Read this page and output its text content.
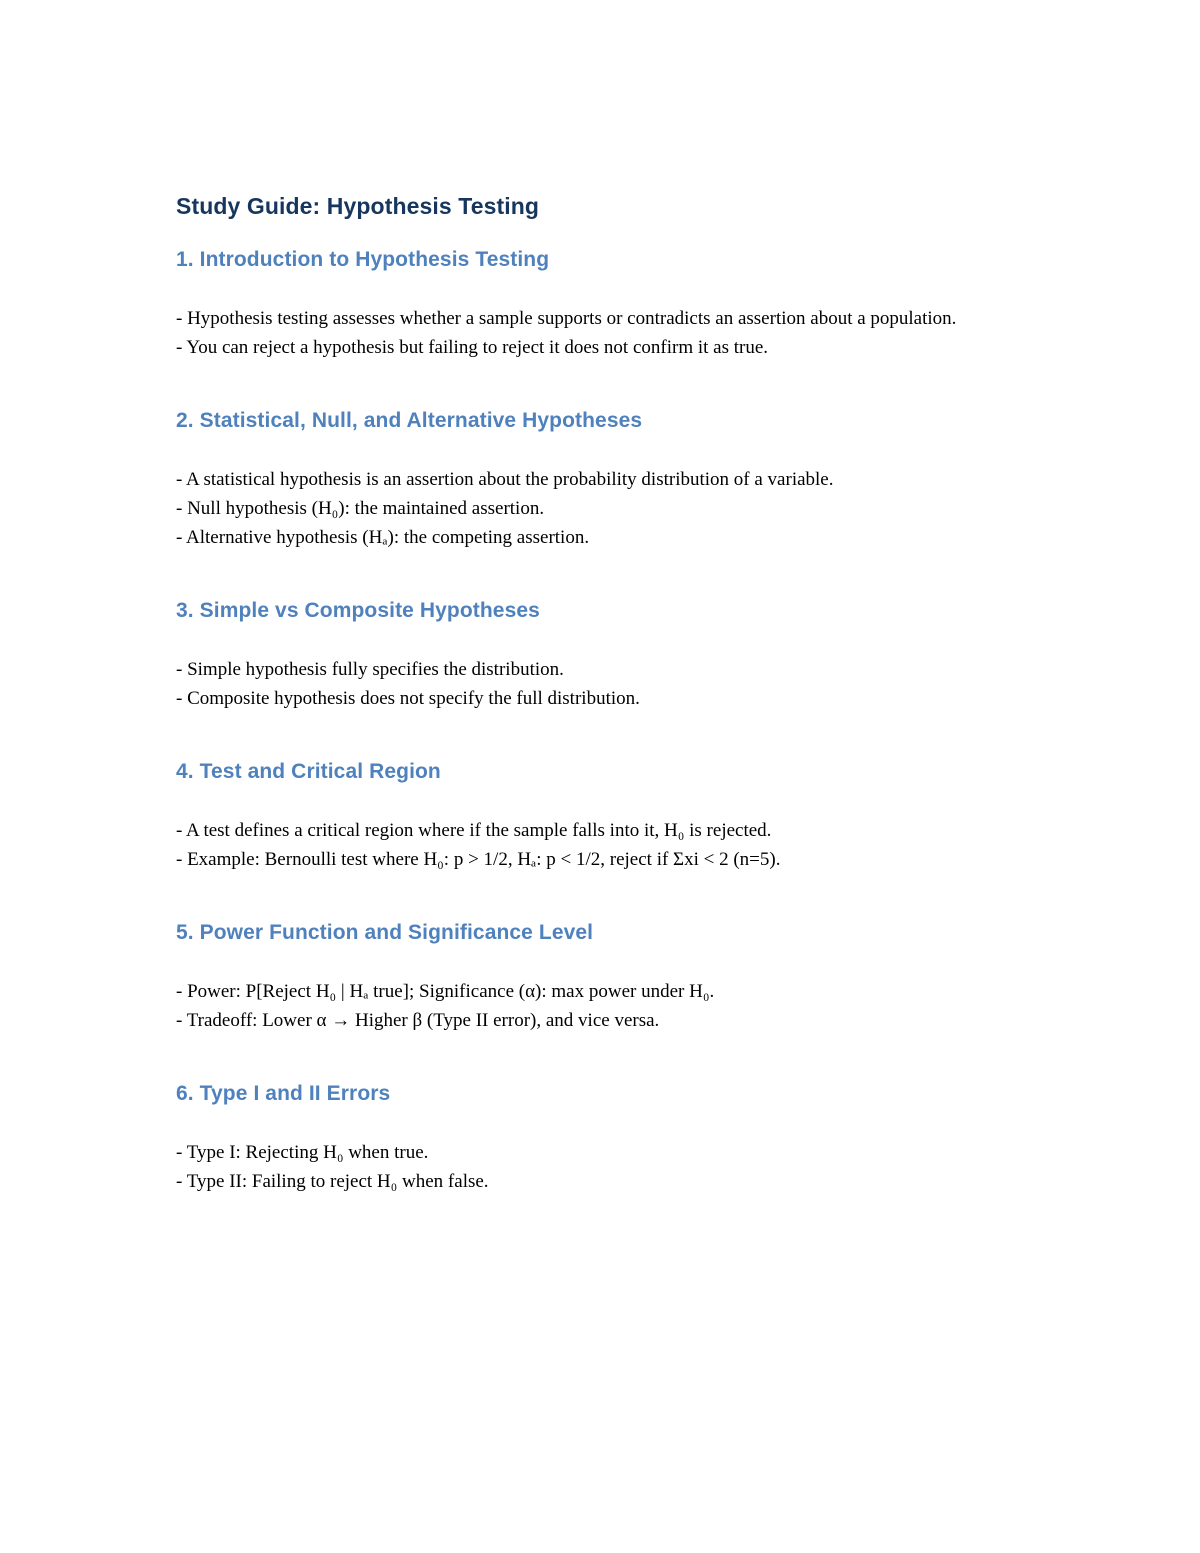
Study Guide: Hypothesis Testing
1. Introduction to Hypothesis Testing
- Hypothesis testing assesses whether a sample supports or contradicts an assertion about a population.
- You can reject a hypothesis but failing to reject it does not confirm it as true.
2. Statistical, Null, and Alternative Hypotheses
- A statistical hypothesis is an assertion about the probability distribution of a variable.
- Null hypothesis (H₀): the maintained assertion.
- Alternative hypothesis (Hₐ): the competing assertion.
3. Simple vs Composite Hypotheses
- Simple hypothesis fully specifies the distribution.
- Composite hypothesis does not specify the full distribution.
4. Test and Critical Region
- A test defines a critical region where if the sample falls into it, H₀ is rejected.
- Example: Bernoulli test where H₀: p > 1/2, Hₐ: p < 1/2, reject if Σxi < 2 (n=5).
5. Power Function and Significance Level
- Power: P[Reject H₀ | Hₐ true]; Significance (α): max power under H₀.
- Tradeoff: Lower α → Higher β (Type II error), and vice versa.
6. Type I and II Errors
- Type I: Rejecting H₀ when true.
- Type II: Failing to reject H₀ when false.
